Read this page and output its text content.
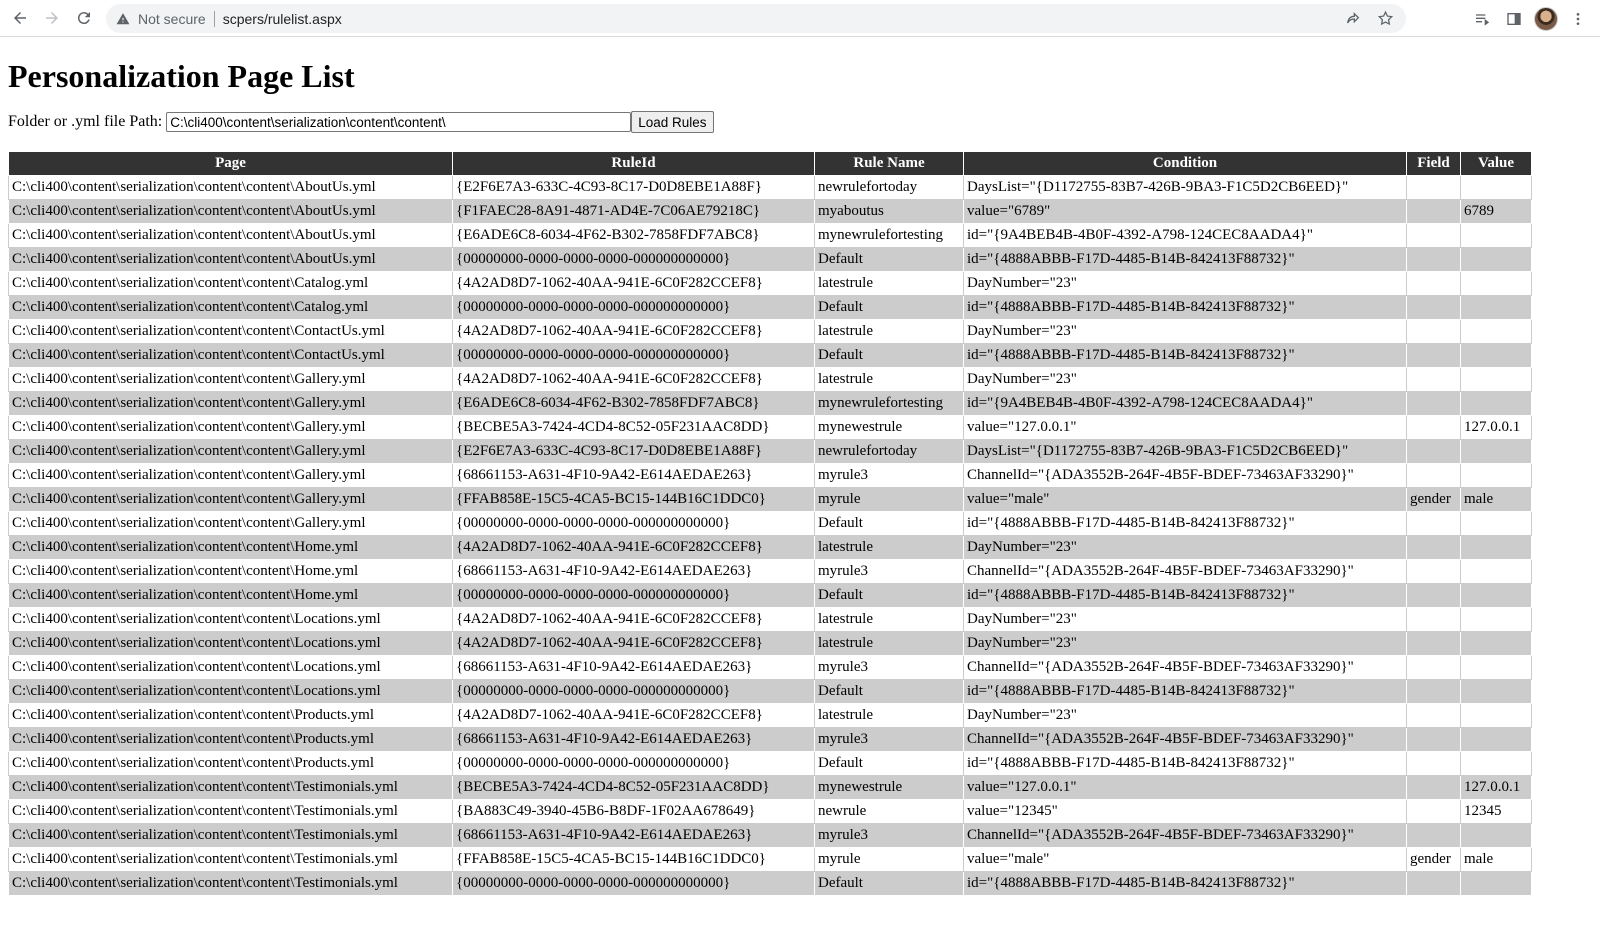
Not secure scpers/rulelist.aspx
Personalization Page List
Folder or .yml file Path:
C:\cli400\content\serialization\content\content\	Load Rules
Page	RuleId	Rule Name	Condition	Field	Value
C:\cli400\content\serialization\content\content\AboutUs.yml	{E2F6E7A3-633C-4C93-8C17-D0D8EBE1A88F}	newrulefortoday	DaysList="{D1172755-83B7-426B-9BA3-F1C5D2CB6EED}"		
C:\cli400\content\serialization\content\content\AboutUs.yml	{F1FAEC28-8A91-4871-AD4E-7C06AE79218C}	myaboutus	value="6789"		6789
C:\cli400\content\serialization\content\content\AboutUs.yml	{E6ADE6C8-6034-4F62-B302-7858FDF7ABC8}	mynewrulefortesting	id="{9A4BEB4B-4B0F-4392-A798-124CEC8AADA4}"		
C:\cli400\content\serialization\content\content\AboutUs.yml	{00000000-0000-0000-0000-000000000000}	Default	id="{4888ABBB-F17D-4485-B14B-842413F88732}"		
C:\cli400\content\serialization\content\content\Catalog.yml	{4A2AD8D7-1062-40AA-941E-6C0F282CCEF8}	latestrule	DayNumber="23"		
C:\cli400\content\serialization\content\content\Catalog.yml	{00000000-0000-0000-0000-000000000000}	Default	id="{4888ABBB-F17D-4485-B14B-842413F88732}"		
C:\cli400\content\serialization\content\content\ContactUs.yml	{4A2AD8D7-1062-40AA-941E-6C0F282CCEF8}	latestrule	DayNumber="23"		
C:\cli400\content\serialization\content\content\ContactUs.yml	{00000000-0000-0000-0000-000000000000}	Default	id="{4888ABBB-F17D-4485-B14B-842413F88732}"		
C:\cli400\content\serialization\content\content\Gallery.yml	{4A2AD8D7-1062-40AA-941E-6C0F282CCEF8}	latestrule	DayNumber="23"		
C:\cli400\content\serialization\content\content\Gallery.yml	{E6ADE6C8-6034-4F62-B302-7858FDF7ABC8}	mynewrulefortesting	id="{9A4BEB4B-4B0F-4392-A798-124CEC8AADA4}"		
C:\cli400\content\serialization\content\content\Gallery.yml	{BECBE5A3-7424-4CD4-8C52-05F231AAC8DD}	mynewestrule	value="127.0.0.1"		127.0.0.1
C:\cli400\content\serialization\content\content\Gallery.yml	{E2F6E7A3-633C-4C93-8C17-D0D8EBE1A88F}	newrulefortoday	DaysList="{D1172755-83B7-426B-9BA3-F1C5D2CB6EED}"		
C:\cli400\content\serialization\content\content\Gallery.yml	{68661153-A631-4F10-9A42-E614AEDAE263}	myrule3	ChannelId="{ADA3552B-264F-4B5F-BDEF-73463AF33290}"		
C:\cli400\content\serialization\content\content\Gallery.yml	{FFAB858E-15C5-4CA5-BC15-144B16C1DDC0}	myrule	value="male"	gender	male
C:\cli400\content\serialization\content\content\Gallery.yml	{00000000-0000-0000-0000-000000000000}	Default	id="{4888ABBB-F17D-4485-B14B-842413F88732}"		
C:\cli400\content\serialization\content\content\Home.yml	{4A2AD8D7-1062-40AA-941E-6C0F282CCEF8}	latestrule	DayNumber="23"		
C:\cli400\content\serialization\content\content\Home.yml	{68661153-A631-4F10-9A42-E614AEDAE263}	myrule3	ChannelId="{ADA3552B-264F-4B5F-BDEF-73463AF33290}"		
C:\cli400\content\serialization\content\content\Home.yml	{00000000-0000-0000-0000-000000000000}	Default	id="{4888ABBB-F17D-4485-B14B-842413F88732}"		
C:\cli400\content\serialization\content\content\Locations.yml	{4A2AD8D7-1062-40AA-941E-6C0F282CCEF8}	latestrule	DayNumber="23"		
C:\cli400\content\serialization\content\content\Locations.yml	{4A2AD8D7-1062-40AA-941E-6C0F282CCEF8}	latestrule	DayNumber="23"		
C:\cli400\content\serialization\content\content\Locations.yml	{68661153-A631-4F10-9A42-E614AEDAE263}	myrule3	ChannelId="{ADA3552B-264F-4B5F-BDEF-73463AF33290}"		
C:\cli400\content\serialization\content\content\Locations.yml	{00000000-0000-0000-0000-000000000000}	Default	id="{4888ABBB-F17D-4485-B14B-842413F88732}"		
C:\cli400\content\serialization\content\content\Products.yml	{4A2AD8D7-1062-40AA-941E-6C0F282CCEF8}	latestrule	DayNumber="23"		
C:\cli400\content\serialization\content\content\Products.yml	{68661153-A631-4F10-9A42-E614AEDAE263}	myrule3	ChannelId="{ADA3552B-264F-4B5F-BDEF-73463AF33290}"		
C:\cli400\content\serialization\content\content\Products.yml	{00000000-0000-0000-0000-000000000000}	Default	id="{4888ABBB-F17D-4485-B14B-842413F88732}"		
C:\cli400\content\serialization\content\content\Testimonials.yml	{BECBE5A3-7424-4CD4-8C52-05F231AAC8DD}	mynewestrule	value="127.0.0.1"		127.0.0.1
C:\cli400\content\serialization\content\content\Testimonials.yml	{BA883C49-3940-45B6-B8DF-1F02AA678649}	newrule	value="12345"		12345
C:\cli400\content\serialization\content\content\Testimonials.yml	{68661153-A631-4F10-9A42-E614AEDAE263}	myrule3	ChannelId="{ADA3552B-264F-4B5F-BDEF-73463AF33290}"		
C:\cli400\content\serialization\content\content\Testimonials.yml	{FFAB858E-15C5-4CA5-BC15-144B16C1DDC0}	myrule	value="male"	gender	male
C:\cli400\content\serialization\content\content\Testimonials.yml	{00000000-0000-0000-0000-000000000000}	Default	id="{4888ABBB-F17D-4485-B14B-842413F88732}"		
